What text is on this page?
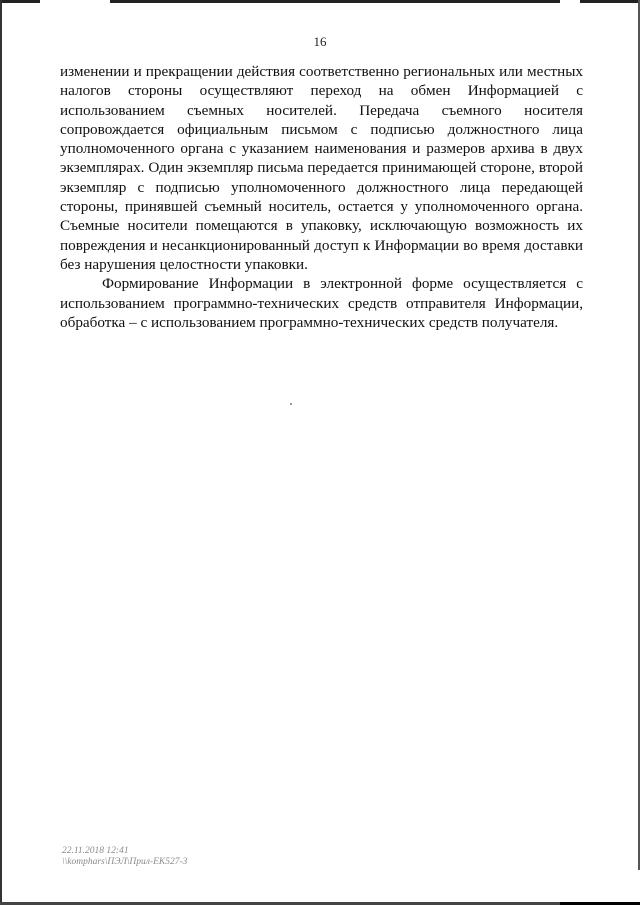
16

изменении и прекращении действия соответственно региональных или местных налогов стороны осуществляют переход на обмен Информацией с использованием съемных носителей. Передача съемного носителя сопровождается официальным письмом с подписью должностного лица уполномоченного органа с указанием наименования и размеров архива в двух экземплярах. Один экземпляр письма передается принимающей стороне, второй экземпляр с подписью уполномоченного должностного лица передающей стороны, принявшей съемный носитель, остается у уполномоченного органа. Съемные носители помещаются в упаковку, исключающую возможность их повреждения и несанкционированный доступ к Информации во время доставки без нарушения целостности упаковки.

Формирование Информации в электронной форме осуществляется с использованием программно-технических средств отправителя Информации, обработка – с использованием программно-технических средств получателя.

22.11.2018 12:41
\\komphars\ПЭЛ\Прил-ЕК527-3
